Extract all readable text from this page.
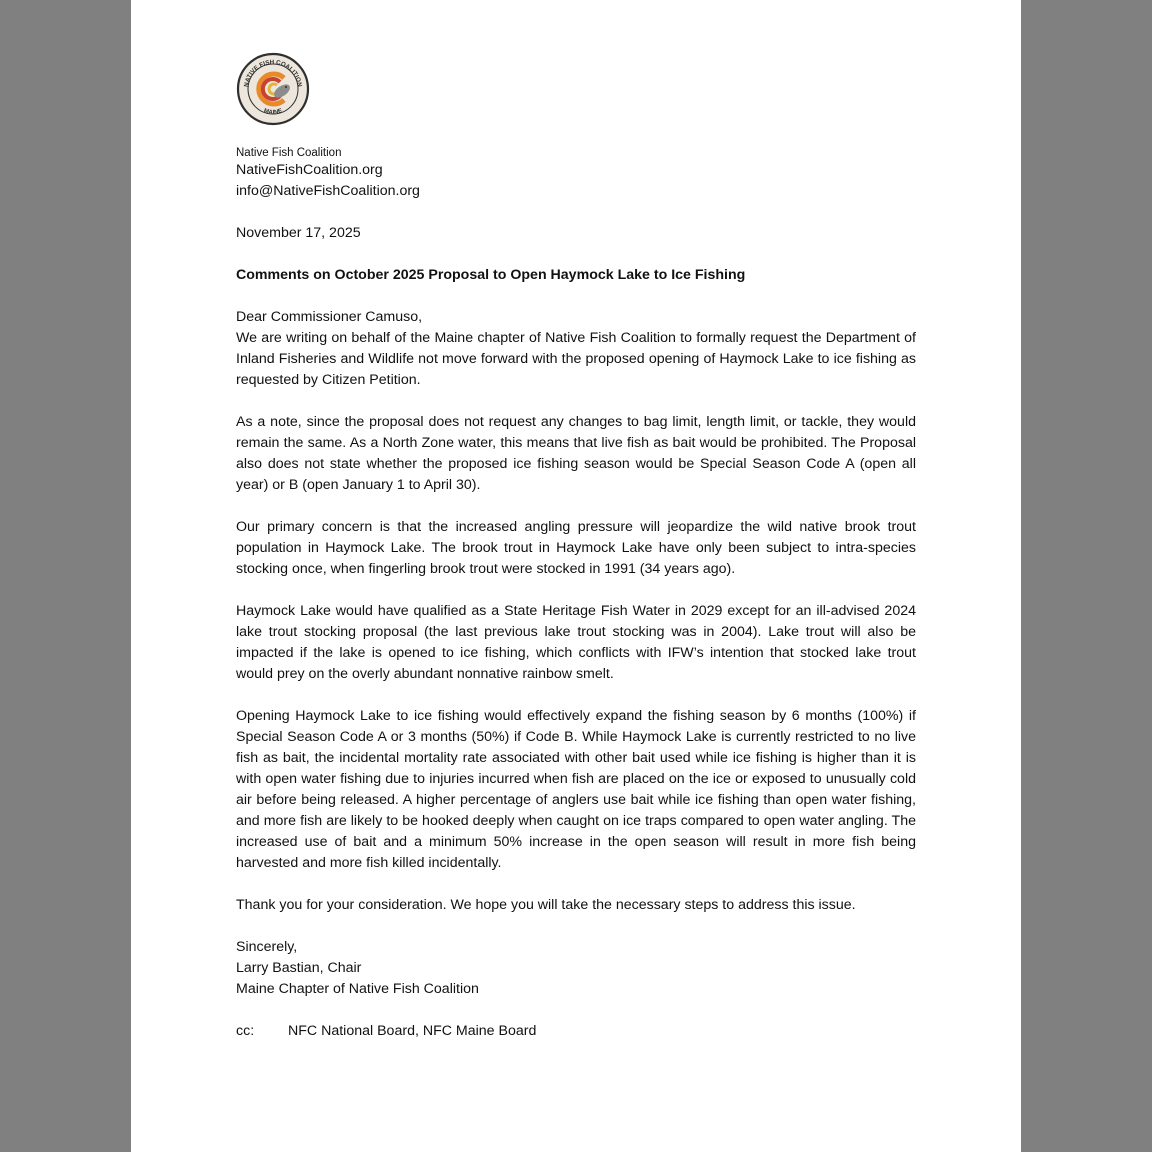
NATIVE FISH COALITION
MAINE
Native Fish Coalition
NativeFishCoalition.org
info@NativeFishCoalition.org
November 17, 2025
Comments on October 2025 Proposal to Open Haymock Lake to Ice Fishing
Dear Commissioner Camuso,

We are writing on behalf of the Maine chapter of Native Fish Coalition to formally request the Department of Inland Fisheries and Wildlife not move forward with the proposed opening of Haymock Lake to ice fishing as requested by Citizen Petition.

As a note, since the proposal does not request any changes to bag limit, length limit, or tackle, they would remain the same. As a North Zone water, this means that live fish as bait would be prohibited. The Proposal also does not state whether the proposed ice fishing season would be Special Season Code A (open all year) or B (open January 1 to April 30).

Our primary concern is that the increased angling pressure will jeopardize the wild native brook trout population in Haymock Lake. The brook trout in Haymock Lake have only been subject to intra-species stocking once, when fingerling brook trout were stocked in 1991 (34 years ago).

Haymock Lake would have qualified as a State Heritage Fish Water in 2029 except for an ill-advised 2024 lake trout stocking proposal (the last previous lake trout stocking was in 2004). Lake trout will also be impacted if the lake is opened to ice fishing, which conflicts with IFW’s intention that stocked lake trout would prey on the overly abundant nonnative rainbow smelt.

Opening Haymock Lake to ice fishing would effectively expand the fishing season by 6 months (100%) if Special Season Code A or 3 months (50%) if Code B. While Haymock Lake is currently restricted to no live fish as bait, the incidental mortality rate associated with other bait used while ice fishing is higher than it is with open water fishing due to injuries incurred when fish are placed on the ice or exposed to unusually cold air before being released. A higher percentage of anglers use bait while ice fishing than open water fishing, and more fish are likely to be hooked deeply when caught on ice traps compared to open water angling. The increased use of bait and a minimum 50% increase in the open season will result in more fish being harvested and more fish killed incidentally.

Thank you for your consideration. We hope you will take the necessary steps to address this issue.

Sincerely,
Larry Bastian, Chair
Maine Chapter of Native Fish Coalition
cc:	NFC National Board, NFC Maine Board
